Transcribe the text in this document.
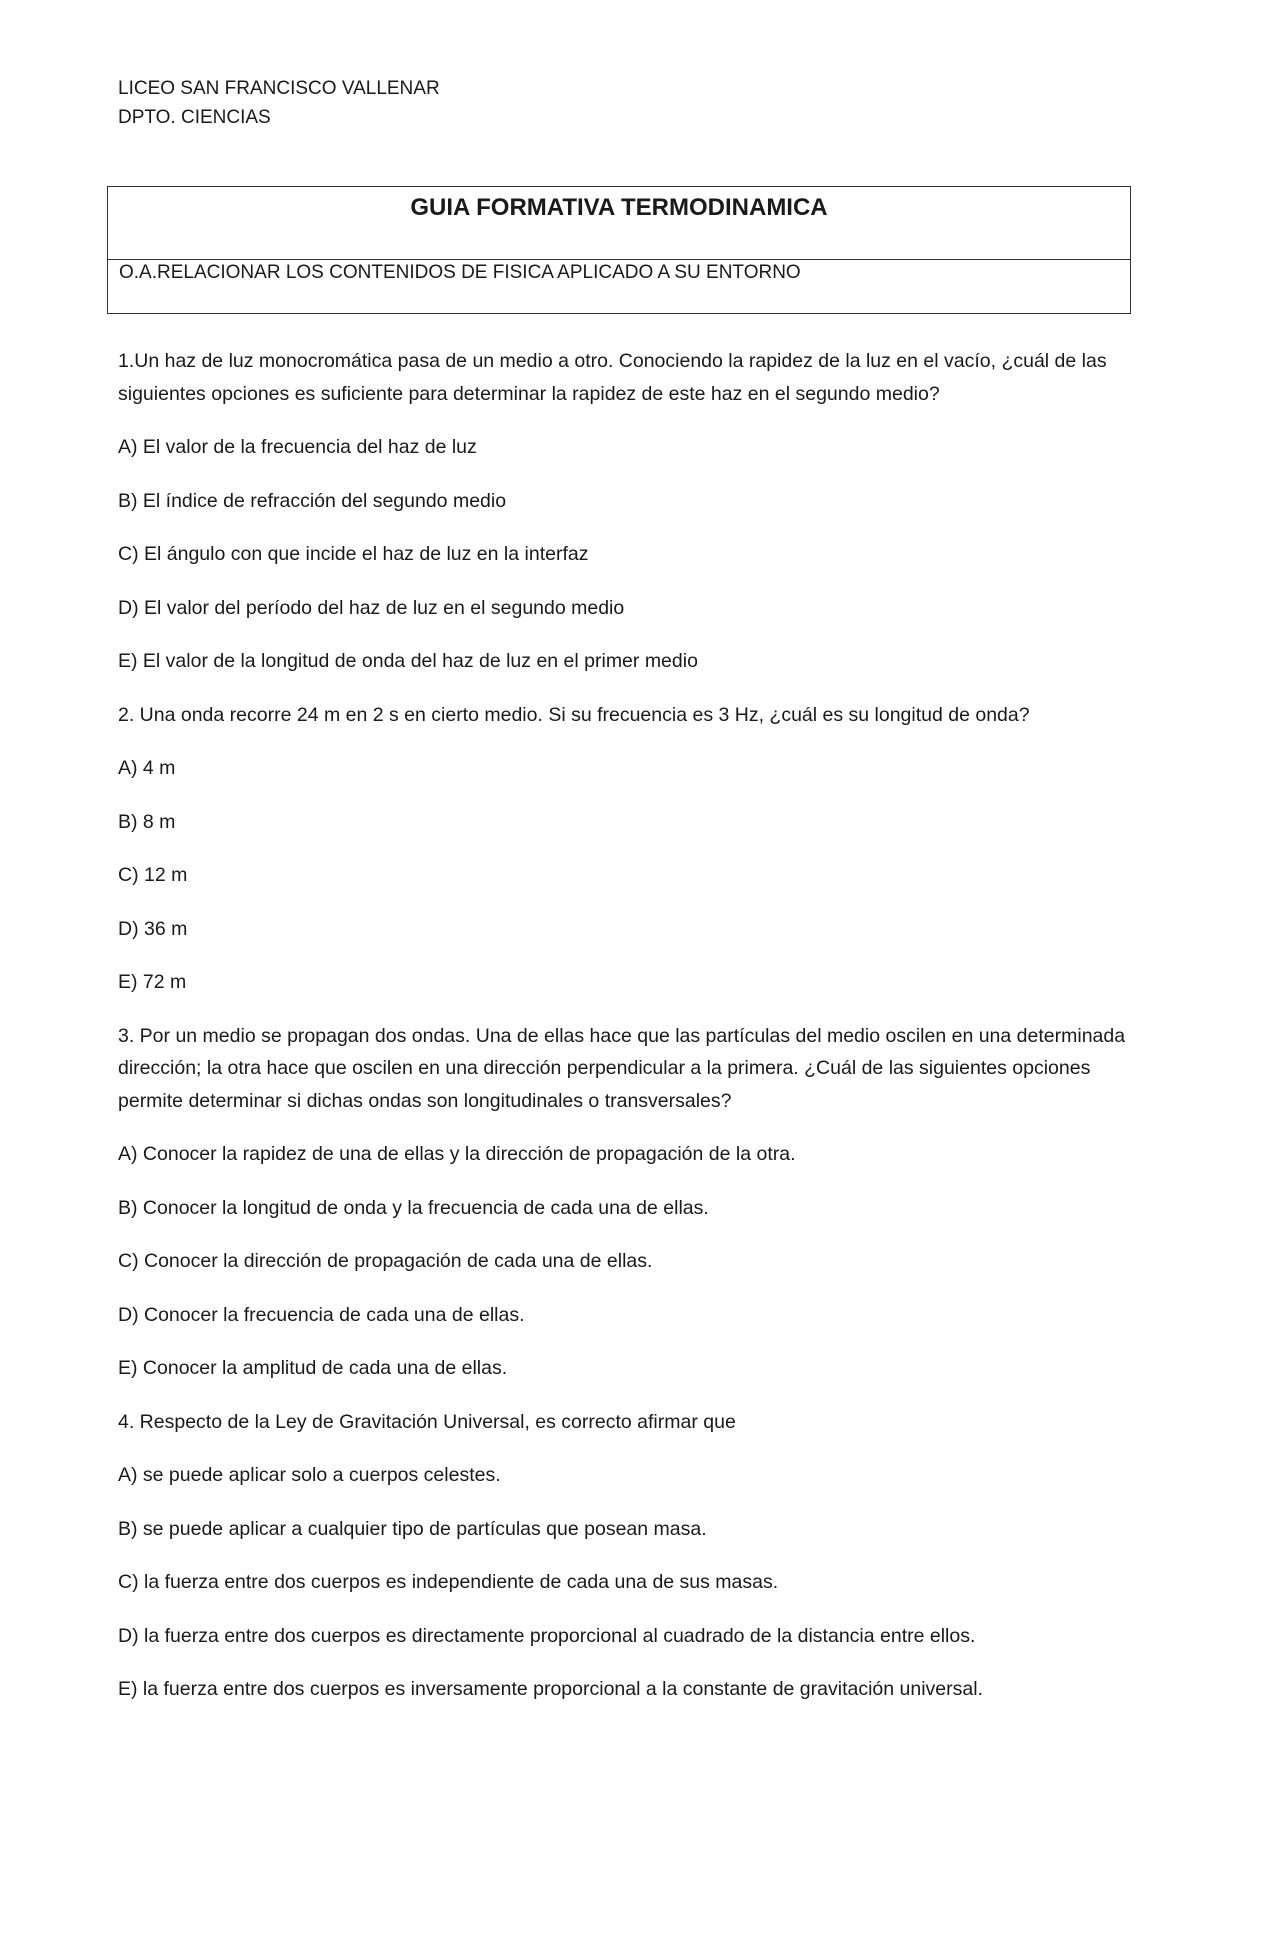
LICEO SAN FRANCISCO VALLENAR
DPTO. CIENCIAS
GUIA FORMATIVA TERMODINAMICA
O.A.RELACIONAR LOS CONTENIDOS DE FISICA APLICADO A SU ENTORNO

1.Un haz de luz monocromática pasa de un medio a otro. Conociendo la rapidez de la luz en el vacío, ¿cuál de las siguientes opciones es suficiente para determinar la rapidez de este haz en el segundo medio?

A) El valor de la frecuencia del haz de luz
B) El índice de refracción del segundo medio
C) El ángulo con que incide el haz de luz en la interfaz
D) El valor del período del haz de luz en el segundo medio
E) El valor de la longitud de onda del haz de luz en el primer medio

2. Una onda recorre 24 m en 2 s en cierto medio. Si su frecuencia es 3 Hz, ¿cuál es su longitud de onda?

A) 4 m
B) 8 m
C) 12 m
D) 36 m
E) 72 m

3. Por un medio se propagan dos ondas. Una de ellas hace que las partículas del medio oscilen en una determinada dirección; la otra hace que oscilen en una dirección perpendicular a la primera. ¿Cuál de las siguientes opciones permite determinar si dichas ondas son longitudinales o transversales?

A) Conocer la rapidez de una de ellas y la dirección de propagación de la otra.
B) Conocer la longitud de onda y la frecuencia de cada una de ellas.
C) Conocer la dirección de propagación de cada una de ellas.
D) Conocer la frecuencia de cada una de ellas.
E) Conocer la amplitud de cada una de ellas.

4. Respecto de la Ley de Gravitación Universal, es correcto afirmar que

A) se puede aplicar solo a cuerpos celestes.
B) se puede aplicar a cualquier tipo de partículas que posean masa.
C) la fuerza entre dos cuerpos es independiente de cada una de sus masas.
D) la fuerza entre dos cuerpos es directamente proporcional al cuadrado de la distancia entre ellos.
E) la fuerza entre dos cuerpos es inversamente proporcional a la constante de gravitación universal.
